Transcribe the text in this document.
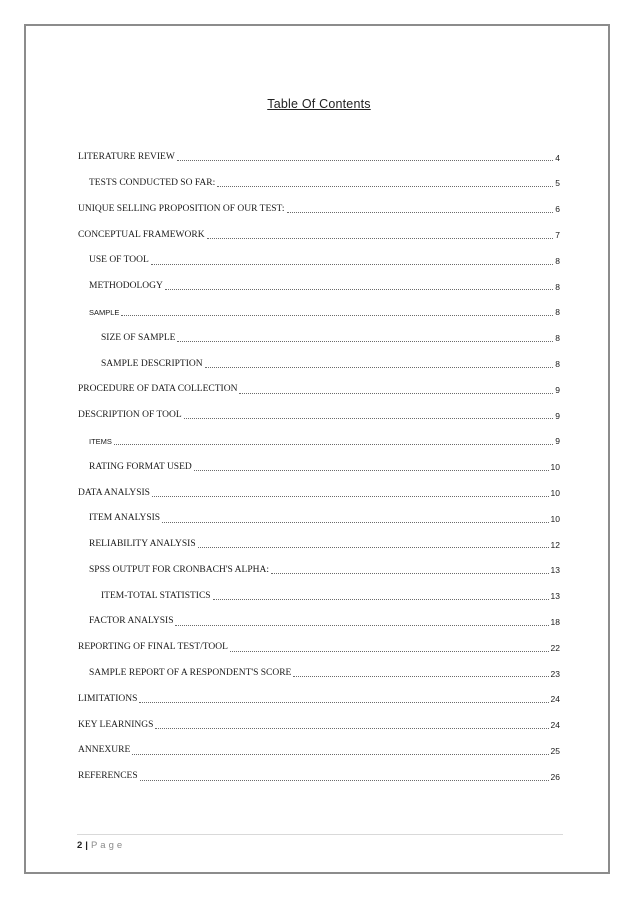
Table Of Contents
LITERATURE REVIEW	4
TESTS CONDUCTED SO FAR:	5
UNIQUE SELLING PROPOSITION OF OUR TEST:	6
CONCEPTUAL FRAMEWORK	7
USE OF TOOL	8
METHODOLOGY	8
SAMPLE	8
SIZE OF SAMPLE	8
SAMPLE DESCRIPTION	8
PROCEDURE OF DATA COLLECTION	9
DESCRIPTION OF TOOL	9
ITEMS	9
RATING FORMAT USED	10
DATA ANALYSIS	10
ITEM ANALYSIS	10
RELIABILITY ANALYSIS	12
SPSS OUTPUT FOR CRONBACH'S ALPHA:	13
ITEM-TOTAL STATISTICS	13
FACTOR ANALYSIS	18
REPORTING OF FINAL TEST/TOOL	22
SAMPLE REPORT OF A RESPONDENT'S SCORE	23
LIMITATIONS	24
KEY LEARNINGS	24
ANNEXURE	25
REFERENCES	26
2 | Page
